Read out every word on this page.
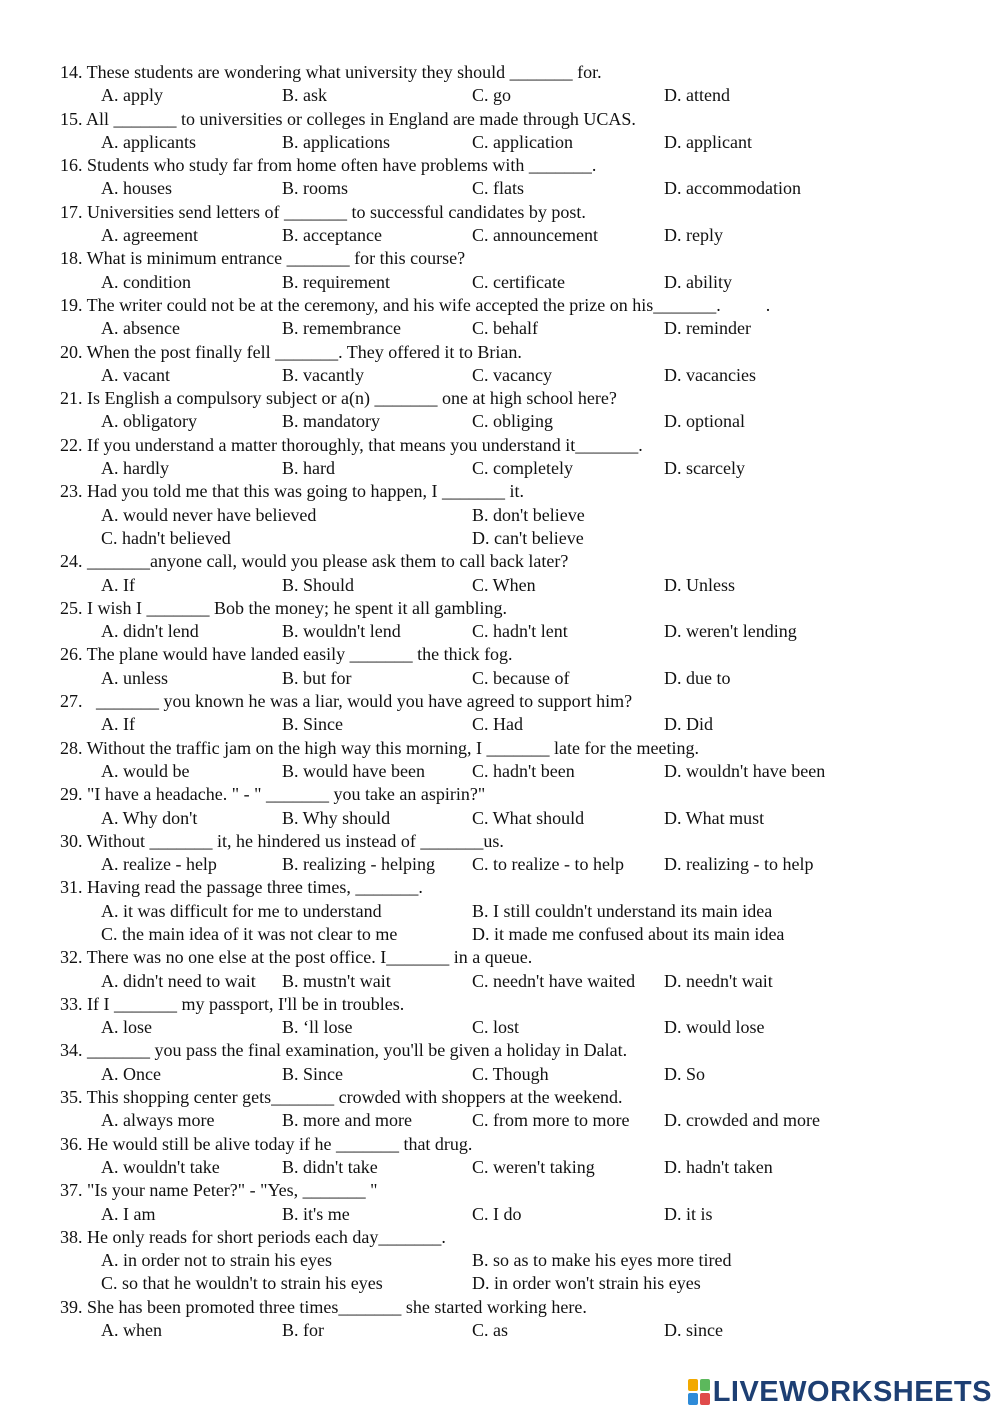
14. These students are wondering what university they should _______ for.
A. apply	B. ask	C. go	D. attend
15. All _______ to universities or colleges in England are made through UCAS.
A. applicants	B. applications	C. application	D. applicant
16. Students who study far from home often have problems with _______.
A. houses	B. rooms	C. flats	D. accommodation
17. Universities send letters of _______ to successful candidates by post.
A. agreement	B. acceptance	C. announcement	D. reply
18. What is minimum entrance _______ for this course?
A. condition	B. requirement	C. certificate	D. ability
19. The writer could not be at the ceremony, and his wife accepted the prize on his_______.          .
A. absence	B. remembrance	C. behalf	D. reminder
20. When the post finally fell _______. They offered it to Brian.
A. vacant	B. vacantly	C. vacancy	D. vacancies
21. Is English a compulsory subject or a(n) _______ one at high school here?
A. obligatory	B. mandatory	C. obliging	D. optional
22. If you understand a matter thoroughly, that means you understand it_______.
A. hardly	B. hard	C. completely	D. scarcely
23. Had you told me that this was going to happen, I _______ it.
A. would never have believed	B. don't believe
C. hadn't believed	D. can't believe
24. _______anyone call, would you please ask them to call back later?
A. If	B. Should	C. When	D. Unless
25. I wish I _______ Bob the money; he spent it all gambling.
A. didn't lend	B. wouldn't lend	C. hadn't lent	D. weren't lending
26. The plane would have landed easily _______ the thick fog.
A. unless	B. but for	C. because of	D. due to
27.   _______ you known he was a liar, would you have agreed to support him?
A. If	B. Since	C. Had	D. Did
28. Without the traffic jam on the high way this morning, I _______ late for the meeting.
A. would be	B. would have been	C. hadn't been	D. wouldn't have been
29. "I have a headache. " - " _______ you take an aspirin?"
A. Why don't	B. Why should	C. What should	D. What must
30. Without _______ it, he hindered us instead of _______us.
A. realize - help	B. realizing - helping C. to realize - to help D. realizing - to help
31. Having read the passage three times, _______.
A. it was difficult for me to understand	B. I still couldn't understand its main idea
C. the main idea of it was not clear to me	D. it made me confused about its main idea
32. There was no one else at the post office. I_______ in a queue.
A. didn't need to wait B. mustn't wait	C. needn't have waited D. needn't wait
33. If I _______ my passport, I'll be in troubles.
A. lose	B. ‘ll lose	C. lost	D. would lose
34. _______ you pass the final examination, you'll be given a holiday in Dalat.
A. Once	B. Since	C. Though	D. So
35. This shopping center gets_______ crowded with shoppers at the weekend.
A. always more	B. more and more	C. from more to more D. crowded and more
36. He would still be alive today if he _______ that drug.
A. wouldn't take	B. didn't take	C. weren't taking	D. hadn't taken
37. "Is your name Peter?" - "Yes, _______ "
A. I am	B. it's me	C. I do	D. it is
38. He only reads for short periods each day_______.
A. in order not to strain his eyes	B. so as to make his eyes more tired
C. so that he wouldn't to strain his eyes	D. in order won't strain his eyes
39. She has been promoted three times_______ she started working here.
A. when	B. for	C. as	D. since
LIVEWORKSHEETS
